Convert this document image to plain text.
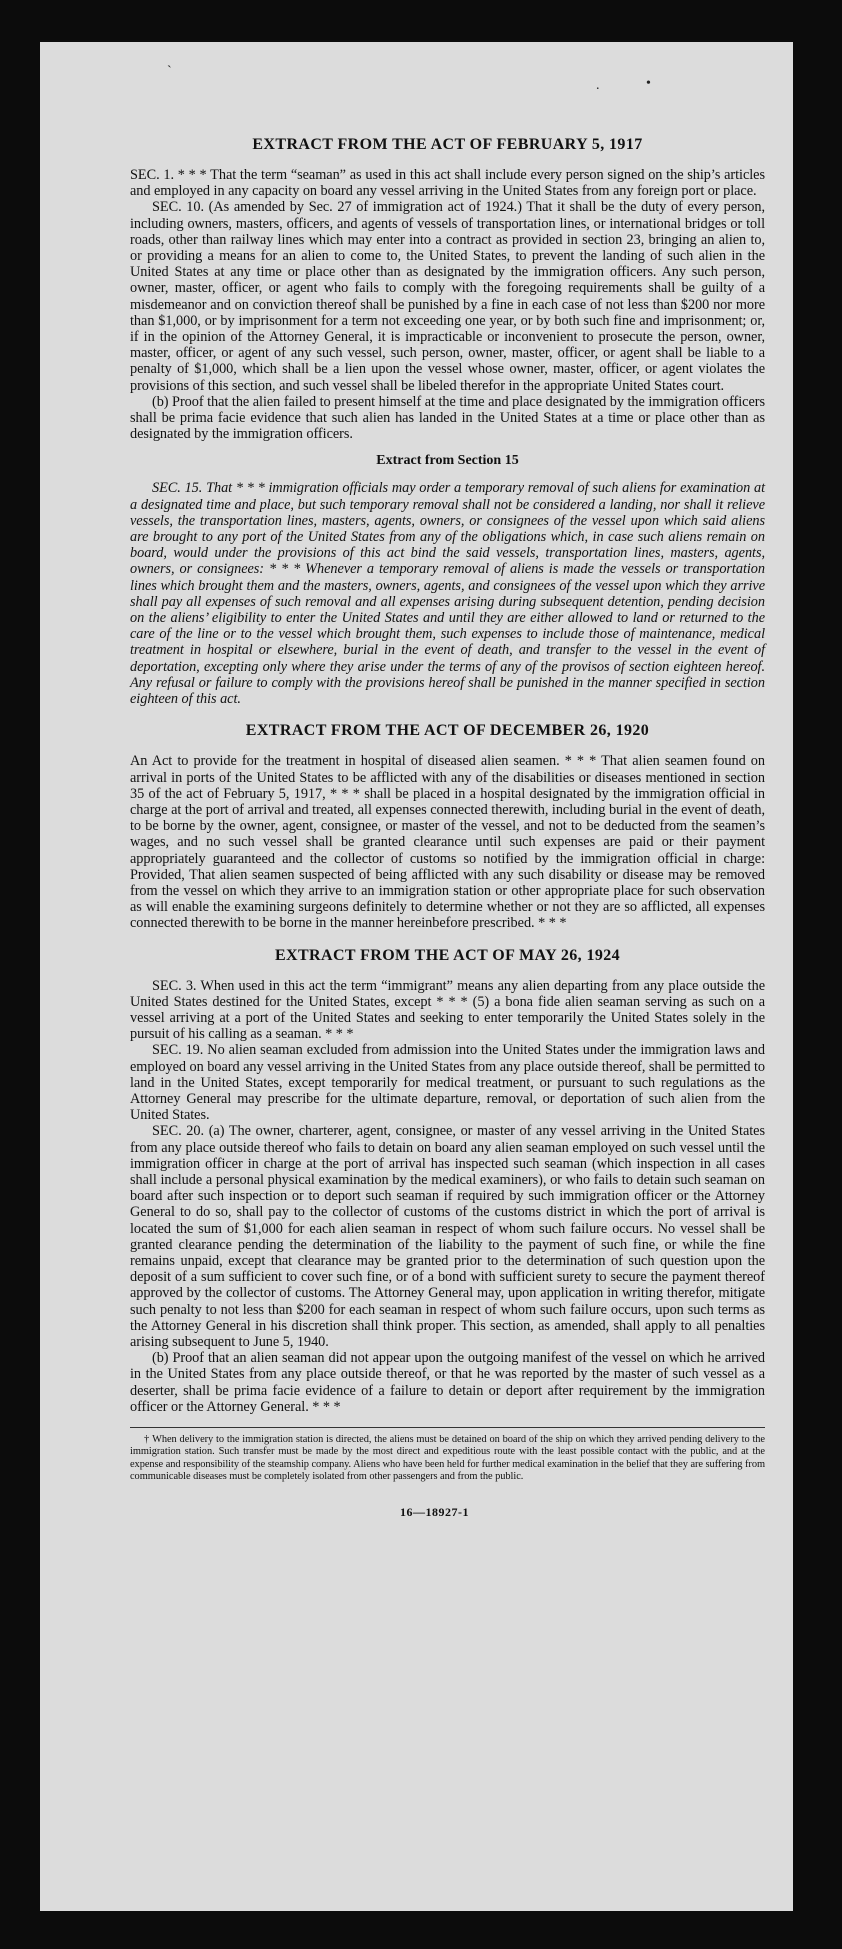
`
.	•
EXTRACT FROM THE ACT OF FEBRUARY 5, 1917

SEC. 1. * * * That the term “seaman” as used in this act shall include every person signed on the ship’s articles and employed in any capacity on board any vessel arriving in the United States from any foreign port or place.

SEC. 10. (As amended by Sec. 27 of immigration act of 1924.) That it shall be the duty of every person, including owners, masters, officers, and agents of vessels of transportation lines, or international bridges or toll roads, other than railway lines which may enter into a contract as provided in section 23, bringing an alien to, or providing a means for an alien to come to, the United States, to prevent the landing of such alien in the United States at any time or place other than as designated by the immigration officers. Any such person, owner, master, officer, or agent who fails to comply with the foregoing requirements shall be guilty of a misdemeanor and on conviction thereof shall be punished by a fine in each case of not less than $200 nor more than $1,000, or by imprisonment for a term not exceeding one year, or by both such fine and imprisonment; or, if in the opinion of the Attorney General, it is impracticable or inconvenient to prosecute the person, owner, master, officer, or agent of any such vessel, such person, owner, master, officer, or agent shall be liable to a penalty of $1,000, which shall be a lien upon the vessel whose owner, master, officer, or agent violates the provisions of this section, and such vessel shall be libeled therefor in the appropriate United States court.

(b) Proof that the alien failed to present himself at the time and place designated by the immigration officers shall be prima facie evidence that such alien has landed in the United States at a time or place other than as designated by the immigration officers.

Extract from Section 15

SEC. 15. That * * * immigration officials may order a temporary removal of such aliens for examination at a designated time and place, but such temporary removal shall not be considered a landing, nor shall it relieve vessels, the transportation lines, masters, agents, owners, or consignees of the vessel upon which said aliens are brought to any port of the United States from any of the obligations which, in case such aliens remain on board, would under the provisions of this act bind the said vessels, transportation lines, masters, agents, owners, or consignees: * * * Whenever a temporary removal of aliens is made the vessels or transportation lines which brought them and the masters, owners, agents, and consignees of the vessel upon which they arrive shall pay all expenses of such removal and all expenses arising during subsequent detention, pending decision on the aliens’ eligibility to enter the United States and until they are either allowed to land or returned to the care of the line or to the vessel which brought them, such expenses to include those of maintenance, medical treatment in hospital or elsewhere, burial in the event of death, and transfer to the vessel in the event of deportation, excepting only where they arise under the terms of any of the provisos of section eighteen hereof. Any refusal or failure to comply with the provisions hereof shall be punished in the manner specified in section eighteen of this act.

EXTRACT FROM THE ACT OF DECEMBER 26, 1920

An Act to provide for the treatment in hospital of diseased alien seamen. * * * That alien seamen found on arrival in ports of the United States to be afflicted with any of the disabilities or diseases mentioned in section 35 of the act of February 5, 1917, * * * shall be placed in a hospital designated by the immigration official in charge at the port of arrival and treated, all expenses connected therewith, including burial in the event of death, to be borne by the owner, agent, consignee, or master of the vessel, and not to be deducted from the seamen’s wages, and no such vessel shall be granted clearance until such expenses are paid or their payment appropriately guaranteed and the collector of customs so notified by the immigration official in charge: Provided, That alien seamen suspected of being afflicted with any such disability or disease may be removed from the vessel on which they arrive to an immigration station or other appropriate place for such observation as will enable the examining surgeons definitely to determine whether or not they are so afflicted, all expenses connected therewith to be borne in the manner hereinbefore prescribed. * * *

EXTRACT FROM THE ACT OF MAY 26, 1924

SEC. 3. When used in this act the term “immigrant” means any alien departing from any place outside the United States destined for the United States, except * * * (5) a bona fide alien seaman serving as such on a vessel arriving at a port of the United States and seeking to enter temporarily the United States solely in the pursuit of his calling as a seaman. * * *

SEC. 19. No alien seaman excluded from admission into the United States under the immigration laws and employed on board any vessel arriving in the United States from any place outside thereof, shall be permitted to land in the United States, except temporarily for medical treatment, or pursuant to such regulations as the Attorney General may prescribe for the ultimate departure, removal, or deportation of such alien from the United States.

SEC. 20. (a) The owner, charterer, agent, consignee, or master of any vessel arriving in the United States from any place outside thereof who fails to detain on board any alien seaman employed on such vessel until the immigration officer in charge at the port of arrival has inspected such seaman (which inspection in all cases shall include a personal physical examination by the medical examiners), or who fails to detain such seaman on board after such inspection or to deport such seaman if required by such immigration officer or the Attorney General to do so, shall pay to the collector of customs of the customs district in which the port of arrival is located the sum of $1,000 for each alien seaman in respect of whom such failure occurs. No vessel shall be granted clearance pending the determination of the liability to the payment of such fine, or while the fine remains unpaid, except that clearance may be granted prior to the determination of such question upon the deposit of a sum sufficient to cover such fine, or of a bond with sufficient surety to secure the payment thereof approved by the collector of customs. The Attorney General may, upon application in writing therefor, mitigate such penalty to not less than $200 for each seaman in respect of whom such failure occurs, upon such terms as the Attorney General in his discretion shall think proper. This section, as amended, shall apply to all penalties arising subsequent to June 5, 1940.

(b) Proof that an alien seaman did not appear upon the outgoing manifest of the vessel on which he arrived in the United States from any place outside thereof, or that he was reported by the master of such vessel as a deserter, shall be prima facie evidence of a failure to detain or deport after requirement by the immigration officer or the Attorney General. * * *

† When delivery to the immigration station is directed, the aliens must be detained on board of the ship on which they arrived pending delivery to the immigration station. Such transfer must be made by the most direct and expeditious route with the least possible contact with the public, and at the expense and responsibility of the steamship company. Aliens who have been held for further medical examination in the belief that they are suffering from communicable diseases must be completely isolated from other passengers and from the public.

16—18927-1
